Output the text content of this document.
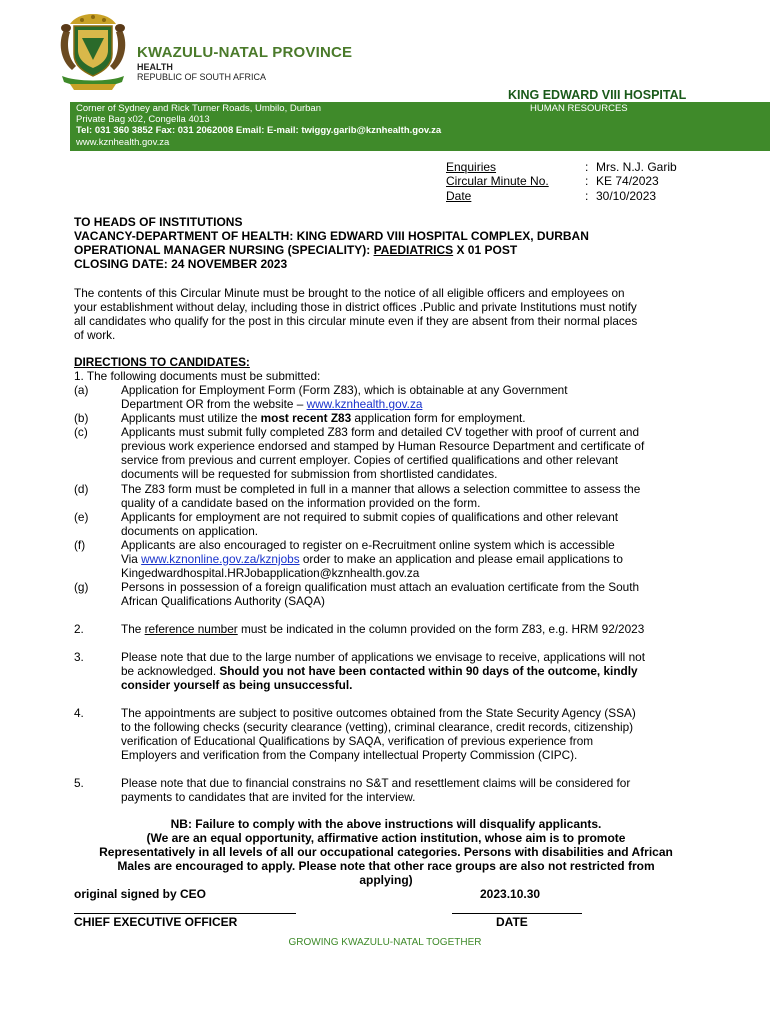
KWAZULU-NATAL PROVINCE
HEALTH
REPUBLIC OF SOUTH AFRICA
KING EDWARD VIII HOSPITAL
Corner of Sydney and Rick Turner Roads, Umbilo, Durban
Private Bag x02, Congella 4013
Tel: 031 360 3852 Fax: 031 2062008 Email: E-mail: twiggy.garib@kznhealth.gov.za
www.kznhealth.gov.za
HUMAN RESOURCES
Enquiries	: Mrs. N.J. Garib
Circular Minute No.	: KE 74/2023
Date	: 30/10/2023
TO HEADS OF INSTITUTIONS
VACANCY-DEPARTMENT OF HEALTH: KING EDWARD VIII HOSPITAL COMPLEX, DURBAN
OPERATIONAL MANAGER NURSING (SPECIALITY): PAEDIATRICS X 01 POST
CLOSING DATE: 24 NOVEMBER 2023
The contents of this Circular Minute must be brought to the notice of all eligible officers and employees on
your establishment without delay, including those in district offices .Public and private Institutions must notify
all candidates who qualify for the post in this circular minute even if they are absent from their normal places
of work.
DIRECTIONS TO CANDIDATES:
1. The following documents must be submitted:
(a)	Application for Employment Form (Form Z83), which is obtainable at any Government
Department OR from the website – www.kznhealth.gov.za
(b)	Applicants must utilize the most recent Z83 application form for employment.
(c)	Applicants must submit fully completed Z83 form and detailed CV together with proof of current and
previous work experience endorsed and stamped by Human Resource Department and certificate of
service from previous and current employer. Copies of certified qualifications and other relevant
documents will be requested for submission from shortlisted candidates.
(d)	The Z83 form must be completed in full in a manner that allows a selection committee to assess the
quality of a candidate based on the information provided on the form.
(e)	Applicants for employment are not required to submit copies of qualifications and other relevant
documents on application.
(f)	Applicants are also encouraged to register on e-Recruitment online system which is accessible
Via www.kznonline.gov.za/kznjobs order to make an application and please email applications to
Kingedwardhospital.HRJobapplication@kznhealth.gov.za
(g)	Persons in possession of a foreign qualification must attach an evaluation certificate from the South
African Qualifications Authority (SAQA)
2.	The reference number must be indicated in the column provided on the form Z83, e.g. HRM 92/2023
3.	Please note that due to the large number of applications we envisage to receive, applications will not
be acknowledged. Should you not have been contacted within 90 days of the outcome, kindly
consider yourself as being unsuccessful.
4.	The appointments are subject to positive outcomes obtained from the State Security Agency (SSA)
to the following checks (security clearance (vetting), criminal clearance, credit records, citizenship)
verification of Educational Qualifications by SAQA, verification of previous experience from
Employers and verification from the Company intellectual Property Commission (CIPC).
5.	Please note that due to financial constrains no S&T and resettlement claims will be considered for
payments to candidates that are invited for the interview.
NB: Failure to comply with the above instructions will disqualify applicants.
(We are an equal opportunity, affirmative action institution, whose aim is to promote
Representatively in all levels of all our occupational categories. Persons with disabilities and African
Males are encouraged to apply. Please note that other race groups are also not restricted from
applying)
original signed by CEO	2023.10.30
CHIEF EXECUTIVE OFFICER	DATE
GROWING KWAZULU-NATAL TOGETHER
